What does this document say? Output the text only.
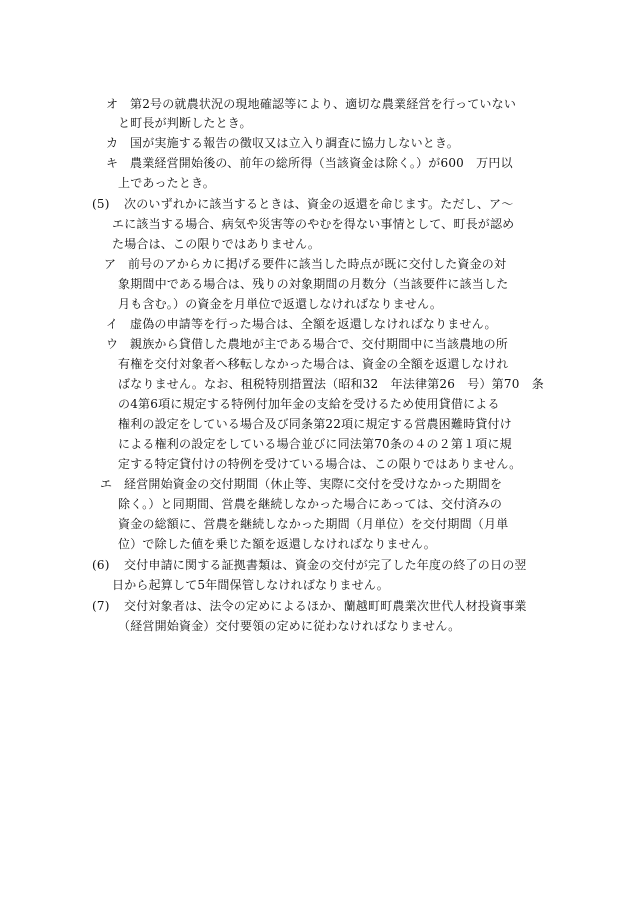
オ 第2号の就農状況の現地確認等により、適切な農業経営を行っていない
と町長が判断したとき。
カ 国が実施する報告の徴収又は立入り調査に協力しないとき。
キ 農業経営開始後の、前年の総所得（当該資金は除く。）が600　万円以
上であったとき。
(5) 次のいずれかに該当するときは、資金の返還を命じます。ただし、ア～
エに該当する場合、病気や災害等のやむを得ない事情として、町長が認め
た場合は、この限りではありません。
ア 前号のアからカに掲げる要件に該当した時点が既に交付した資金の対
象期間中である場合は、残りの対象期間の月数分（当該要件に該当した
月も含む。）の資金を月単位で返還しなければなりません。
イ 虚偽の申請等を行った場合は、全額を返還しなければなりません。
ウ 親族から貸借した農地が主である場合で、交付期間中に当該農地の所
有権を交付対象者へ移転しなかった場合は、資金の全額を返還しなけれ
ばなりません。なお、租税特別措置法（昭和32　年法律第26　号）第70　条
の4第6項に規定する特例付加年金の支給を受けるため使用貸借による
権利の設定をしている場合及び同条第22項に規定する営農困難時貸付け
による権利の設定をしている場合並びに同法第70条の４の２第１項に規
定する特定貸付けの特例を受けている場合は、この限りではありません。
エ 経営開始資金の交付期間（休止等、実際に交付を受けなかった期間を
除く。）と同期間、営農を継続しなかった場合にあっては、交付済みの
資金の総額に、営農を継続しなかった期間（月単位）を交付期間（月単
位）で除した値を乗じた額を返還しなければなりません。
(6) 交付申請に関する証拠書類は、資金の交付が完了した年度の終了の日の翌
日から起算して5年間保管しなければなりません。
(7) 交付対象者は、法令の定めによるほか、蘭越町町農業次世代人材投資事業
（経営開始資金）交付要領の定めに従わなければなりません。
